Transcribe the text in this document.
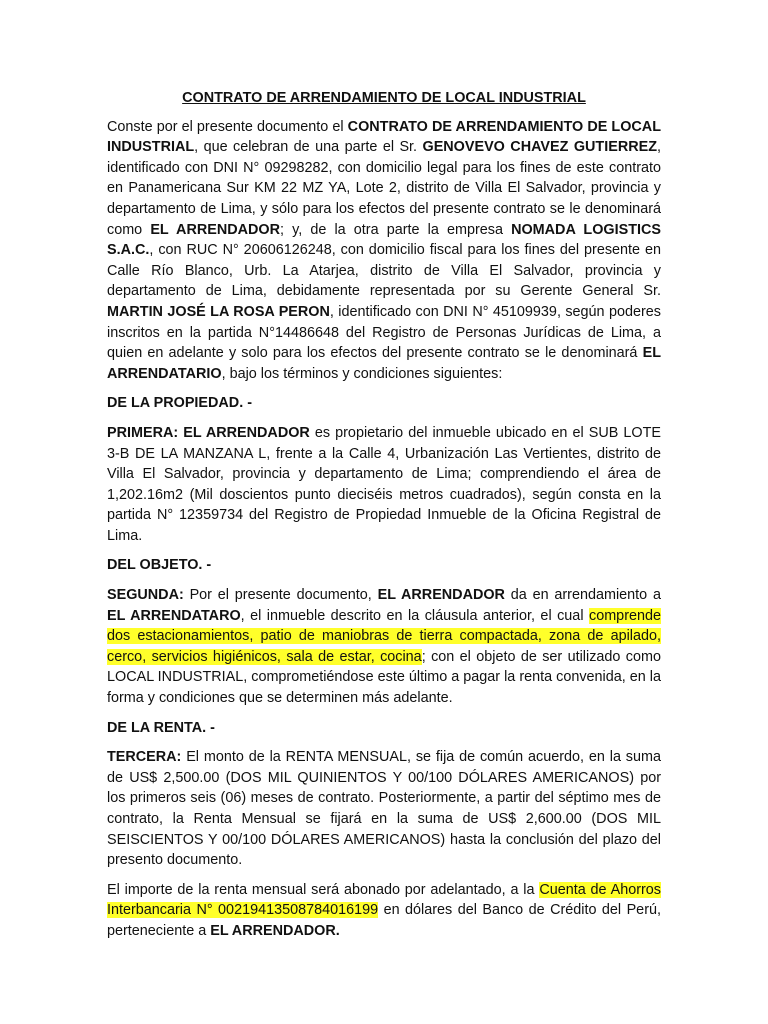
CONTRATO DE ARRENDAMIENTO DE LOCAL INDUSTRIAL

Conste por el presente documento el CONTRATO DE ARRENDAMIENTO DE LOCAL INDUSTRIAL, que celebran de una parte el Sr. GENOVEVO CHAVEZ GUTIERREZ, identificado con DNI N° 09298282, con domicilio legal para los fines de este contrato en Panamericana Sur KM 22 MZ YA, Lote 2, distrito de Villa El Salvador, provincia y departamento de Lima, y sólo para los efectos del presente contrato se le denominará como EL ARRENDADOR; y, de la otra parte la empresa NOMADA LOGISTICS S.A.C., con RUC N° 20606126248, con domicilio fiscal para los fines del presente en Calle Río Blanco, Urb. La Atarjea, distrito de Villa El Salvador, provincia y departamento de Lima, debidamente representada por su Gerente General Sr. MARTIN JOSÉ LA ROSA PERON, identificado con DNI N° 45109939, según poderes inscritos en la partida N°14486648 del Registro de Personas Jurídicas de Lima, a quien en adelante y solo para los efectos del presente contrato se le denominará EL ARRENDATARIO, bajo los términos y condiciones siguientes:

DE LA PROPIEDAD. -

PRIMERA: EL ARRENDADOR es propietario del inmueble ubicado en el SUB LOTE 3-B DE LA MANZANA L, frente a la Calle 4, Urbanización Las Vertientes, distrito de Villa El Salvador, provincia y departamento de Lima; comprendiendo el área de 1,202.16m2 (Mil doscientos punto dieciséis metros cuadrados), según consta en la partida N° 12359734 del Registro de Propiedad Inmueble de la Oficina Registral de Lima.

DEL OBJETO. -

SEGUNDA: Por el presente documento, EL ARRENDADOR da en arrendamiento a EL ARRENDATARO, el inmueble descrito en la cláusula anterior, el cual comprende dos estacionamientos, patio de maniobras de tierra compactada, zona de apilado, cerco, servicios higiénicos, sala de estar, cocina; con el objeto de ser utilizado como LOCAL INDUSTRIAL, comprometiéndose este último a pagar la renta convenida, en la forma y condiciones que se determinen más adelante.

DE LA RENTA. -

TERCERA: El monto de la RENTA MENSUAL, se fija de común acuerdo, en la suma de US$ 2,500.00 (DOS MIL QUINIENTOS Y 00/100 DÓLARES AMERICANOS) por los primeros seis (06) meses de contrato. Posteriormente, a partir del séptimo mes de contrato, la Renta Mensual se fijará en la suma de US$ 2,600.00 (DOS MIL SEISCIENTOS Y 00/100 DÓLARES AMERICANOS) hasta la conclusión del plazo del presento documento.

El importe de la renta mensual será abonado por adelantado, a la Cuenta de Ahorros Interbancaria N° 00219413508784016199 en dólares del Banco de Crédito del Perú, perteneciente a EL ARRENDADOR.
